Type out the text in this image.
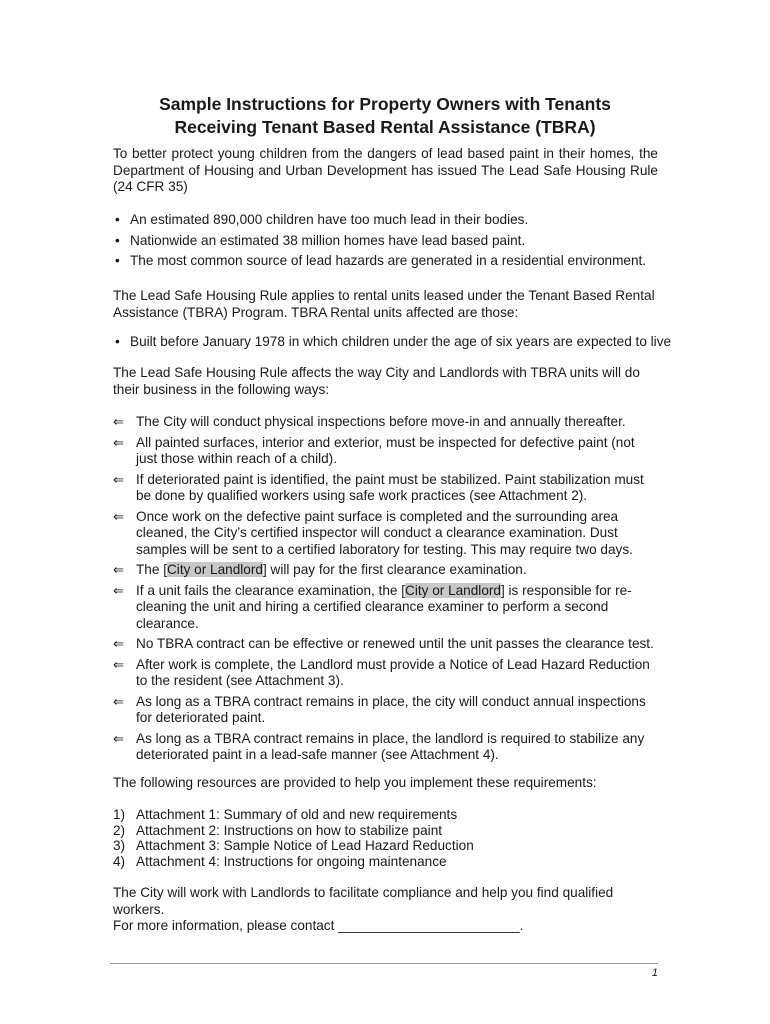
Sample Instructions for Property Owners with Tenants
Receiving Tenant Based Rental Assistance (TBRA)

To better protect young children from the dangers of lead based paint in their homes, the Department of Housing and Urban Development has issued The Lead Safe Housing Rule (24 CFR 35)

• An estimated 890,000 children have too much lead in their bodies.
• Nationwide an estimated 38 million homes have lead based paint.
• The most common source of lead hazards are generated in a residential environment.

The Lead Safe Housing Rule applies to rental units leased under the Tenant Based Rental Assistance (TBRA) Program. TBRA Rental units affected are those:

• Built before January 1978 in which children under the age of six years are expected to live

The Lead Safe Housing Rule affects the way City and Landlords with TBRA units will do their business in the following ways:

⇐ The City will conduct physical inspections before move-in and annually thereafter.
⇐ All painted surfaces, interior and exterior, must be inspected for defective paint (not just those within reach of a child).
⇐ If deteriorated paint is identified, the paint must be stabilized. Paint stabilization must be done by qualified workers using safe work practices (see Attachment 2).
⇐ Once work on the defective paint surface is completed and the surrounding area cleaned, the City’s certified inspector will conduct a clearance examination. Dust samples will be sent to a certified laboratory for testing. This may require two days.
⇐ The [City or Landlord] will pay for the first clearance examination.
⇐ If a unit fails the clearance examination, the [City or Landlord] is responsible for re-cleaning the unit and hiring a certified clearance examiner to perform a second clearance.
⇐ No TBRA contract can be effective or renewed until the unit passes the clearance test.
⇐ After work is complete, the Landlord must provide a Notice of Lead Hazard Reduction to the resident (see Attachment 3).
⇐ As long as a TBRA contract remains in place, the city will conduct annual inspections for deteriorated paint.
⇐ As long as a TBRA contract remains in place, the landlord is required to stabilize any deteriorated paint in a lead-safe manner (see Attachment 4).

The following resources are provided to help you implement these requirements:

1) Attachment 1: Summary of old and new requirements
2) Attachment 2: Instructions on how to stabilize paint
3) Attachment 3: Sample Notice of Lead Hazard Reduction
4) Attachment 4: Instructions for ongoing maintenance

The City will work with Landlords to facilitate compliance and help you find qualified workers.
For more information, please contact ________________________.

1
